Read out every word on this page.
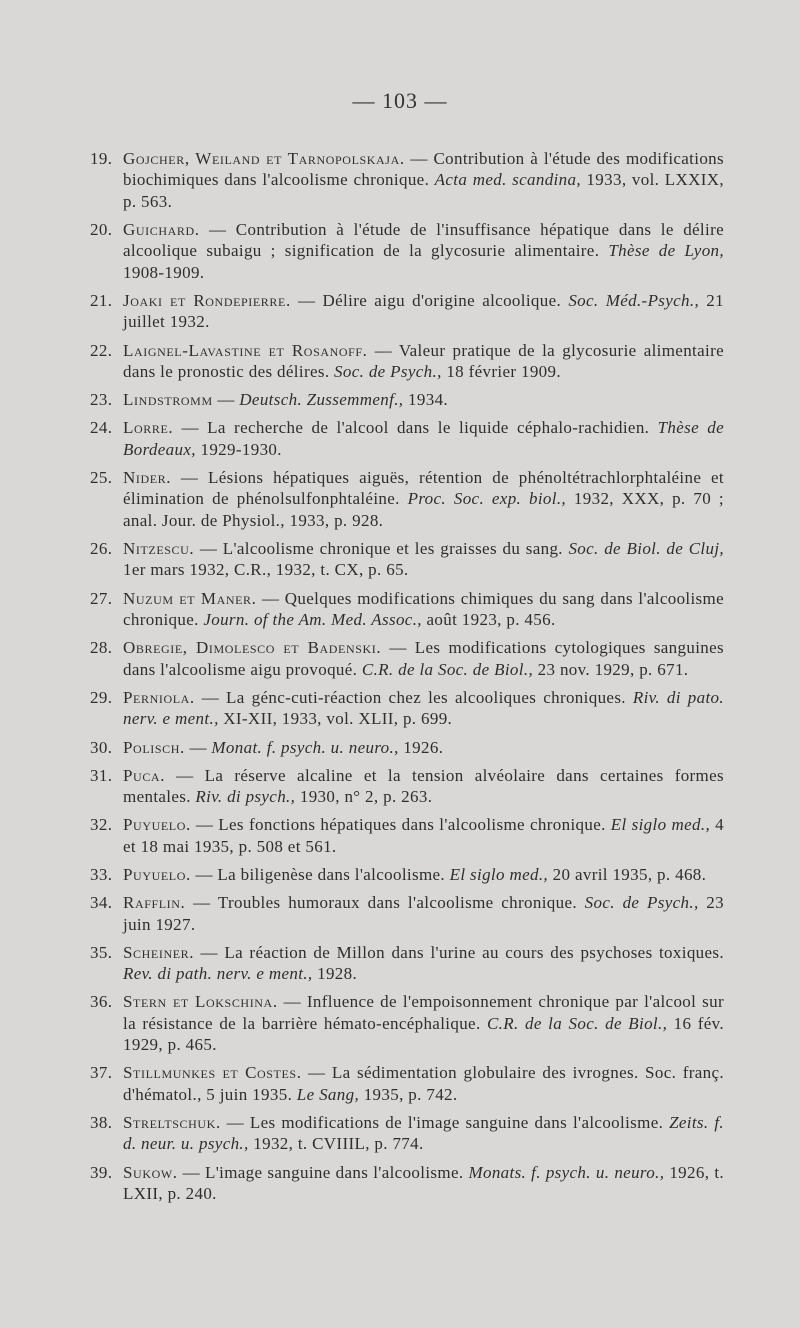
— 103 —
19. Gojcher, Weiland et Tarnopolskaja. — Contribution à l'étude des modifications biochimiques dans l'alcoolisme chronique. Acta med. scandina, 1933, vol. LXXIX, p. 563.
20. Guichard. — Contribution à l'étude de l'insuffisance hépatique dans le délire alcoolique subaigu ; signification de la glycosurie alimentaire. Thèse de Lyon, 1908-1909.
21. Joaki et Rondepierre. — Délire aigu d'origine alcoolique. Soc. Méd.-Psych., 21 juillet 1932.
22. Laignel-Lavastine et Rosanoff. — Valeur pratique de la glycosurie alimentaire dans le pronostic des délires. Soc. de Psych., 18 février 1909.
23. Lindstromm — Deutsch. Zussemmenf., 1934.
24. Lorre. — La recherche de l'alcool dans le liquide céphalo-rachidien. Thèse de Bordeaux, 1929-1930.
25. Nider. — Lésions hépatiques aiguës, rétention de phénoltétrachlorphtaléine et élimination de phénolsulfonphtaléine. Proc. Soc. exp. biol., 1932, XXX, p. 70 ; anal. Jour. de Physiol., 1933, p. 928.
26. Nitzescu. — L'alcoolisme chronique et les graisses du sang. Soc. de Biol. de Cluj, 1er mars 1932, C.R., 1932, t. CX, p. 65.
27. Nuzum et Maner. — Quelques modifications chimiques du sang dans l'alcoolisme chronique. Journ. of the Am. Med. Assoc., août 1923, p. 456.
28. Obregie, Dimolesco et Badenski. — Les modifications cytologiques sanguines dans l'alcoolisme aigu provoqué. C.R. de la Soc. de Biol., 23 nov. 1929, p. 671.
29. Perniola. — La génc-cuti-réaction chez les alcooliques chroniques. Riv. di pato. nerv. e ment., XI-XII, 1933, vol. XLII, p. 699.
30. Polisch. — Monat. f. psych. u. neuro., 1926.
31. Puca. — La réserve alcaline et la tension alvéolaire dans certaines formes mentales. Riv. di psych., 1930, n° 2, p. 263.
32. Puyuelo. — Les fonctions hépatiques dans l'alcoolisme chronique. El siglo med., 4 et 18 mai 1935, p. 508 et 561.
33. Puyuelo. — La biligenèse dans l'alcoolisme. El siglo med., 20 avril 1935, p. 468.
34. Rafflin. — Troubles humoraux dans l'alcoolisme chronique. Soc. de Psych., 23 juin 1927.
35. Scheiner. — La réaction de Millon dans l'urine au cours des psychoses toxiques. Rev. di path. nerv. e ment., 1928.
36. Stern et Lokschina. — Influence de l'empoisonnement chronique par l'alcool sur la résistance de la barrière hémato-encéphalique. C.R. de la Soc. de Biol., 16 fév. 1929, p. 465.
37. Stillmunkes et Costes. — La sédimentation globulaire des ivrognes. Soc. franç. d'hématol., 5 juin 1935. Le Sang, 1935, p. 742.
38. Streltschuk. — Les modifications de l'image sanguine dans l'alcoolisme. Zeits. f. d. neur. u. psych., 1932, t. CVIIIL, p. 774.
39. Sukow. — L'image sanguine dans l'alcoolisme. Monats. f. psych. u. neuro., 1926, t. LXII, p. 240.
